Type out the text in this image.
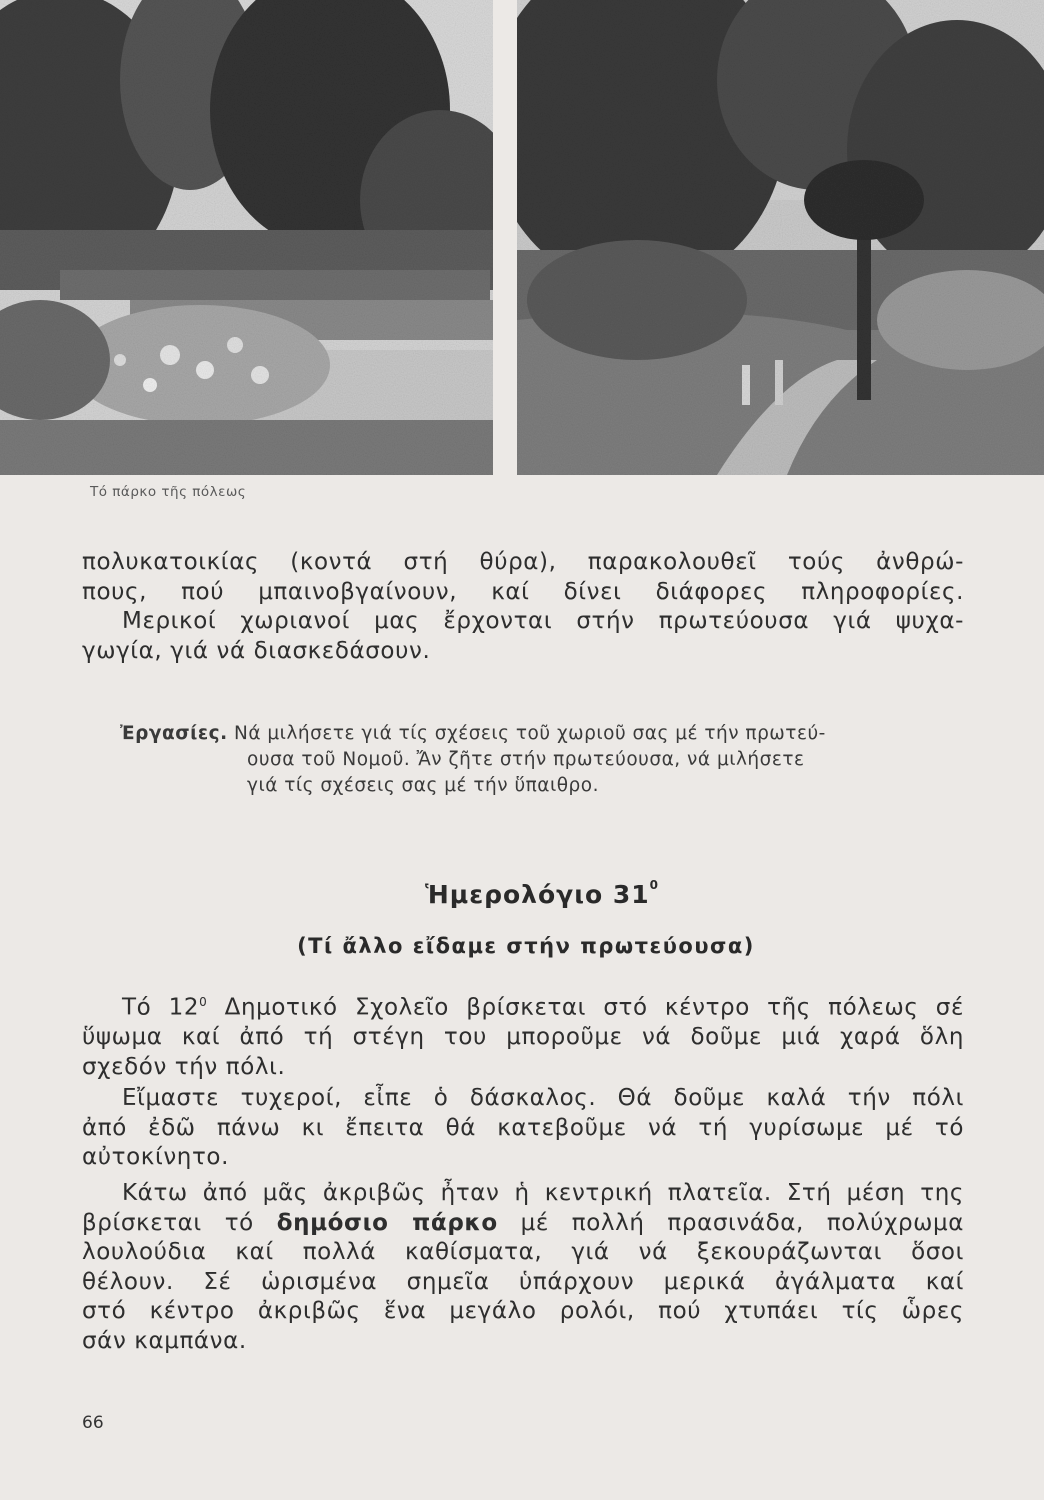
Τό πάρκο τῆς πόλεως
πολυκατοικίας (κοντά στή θύρα), παρακολουθεῖ τούς ἀνθρώ-
πους, πού μπαινοβγαίνουν, καί δίνει διάφορες πληροφορίες.
Μερικοί χωριανοί μας ἔρχονται στήν πρωτεύουσα γιά ψυχα-
γωγία, γιά νά διασκεδάσουν.
Ἐργασίες. Νά μιλήσετε γιά τίς σχέσεις τοῦ χωριοῦ σας μέ τήν πρωτεύ-
ουσα τοῦ Νομοῦ. Ἄν ζῆτε στήν πρωτεύουσα, νά μιλήσετε
γιά τίς σχέσεις σας μέ τήν ὕπαιθρο.
Ἡμερολόγιο $31^0$
(Τί ἄλλο εἴδαμε στήν πρωτεύουσα)
Τό $12^0$ Δημοτικό Σχολεῖο βρίσκεται στό κέντρο τῆς πόλεως σέ
ὕψωμα καί ἀπό τή στέγη του μποροῦμε νά δοῦμε μιά χαρά ὅλη
σχεδόν τήν πόλι.
Εἴμαστε τυχεροί, εἶπε ὁ δάσκαλος. Θά δοῦμε καλά τήν πόλι
ἀπό ἐδῶ πάνω κι ἔπειτα θά κατεβοῦμε νά τή γυρίσωμε μέ τό
αὐτοκίνητο.
Κάτω ἀπό μᾶς ἀκριβῶς ἦταν ἡ κεντρική πλατεῖα. Στή μέση της
βρίσκεται τό δημόσιο πάρκο μέ πολλή πρασινάδα, πολύχρωμα
λουλούδια καί πολλά καθίσματα, γιά νά ξεκουράζωνται ὅσοι
θέλουν. Σέ ὡρισμένα σημεῖα ὑπάρχουν μερικά ἀγάλματα καί
στό κέντρο ἀκριβῶς ἕνα μεγάλο ρολόι, πού χτυπάει τίς ὧρες
σάν καμπάνα.
66
